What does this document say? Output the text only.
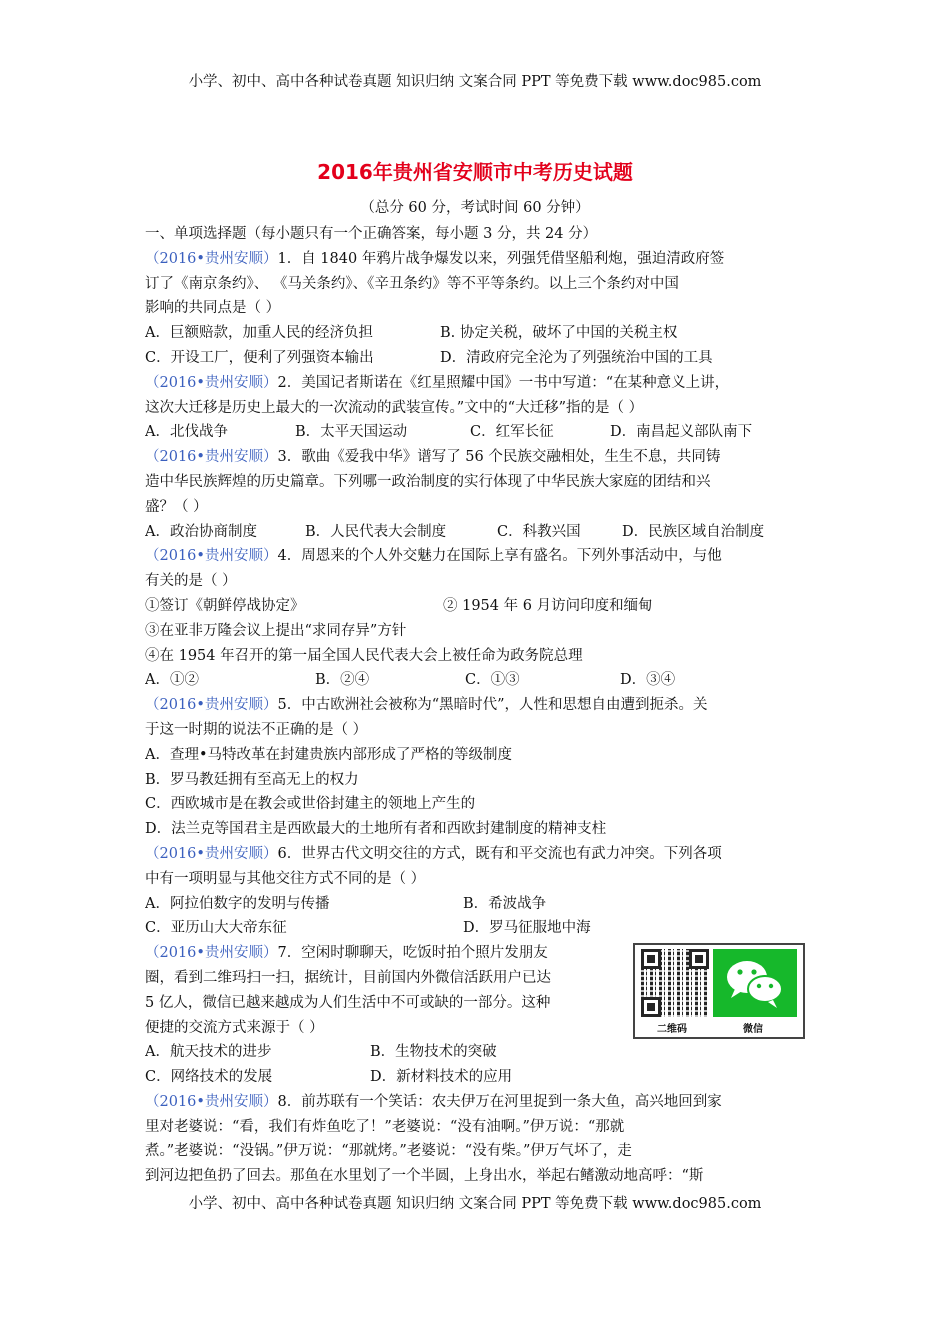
小学、初中、高中各种试卷真题 知识归纳 文案合同 PPT 等免费下载 www.doc985.com
2016年贵州省安顺市中考历史试题
（总分 60 分，考试时间 60 分钟）
一、单项选择题（每小题只有一个正确答案，每小题 3 分，共 24 分）
（2016•贵州安顺）1．自 1840 年鸦片战争爆发以来，列强凭借坚船利炮，强迫清政府签
订了《南京条约》、 《马关条约》、《辛丑条约》等不平等条约。以上三个条约对中国
影响的共同点是（ ）
A．巨额赔款，加重人民的经济负担	B. 协定关税，破坏了中国的关税主权
C．开设工厂，便利了列强资本输出	D．清政府完全沦为了列强统治中国的工具
（2016•贵州安顺）2．美国记者斯诺在《红星照耀中国》一书中写道：“在某种意义上讲，
这次大迁移是历史上最大的一次流动的武装宣传。”文中的“大迁移”指的是（ ）
A．北伐战争	B．太平天国运动	C．红军长征	D．南昌起义部队南下
（2016•贵州安顺）3．歌曲《爱我中华》谱写了 56 个民族交融相处，生生不息，共同铸
造中华民族辉煌的历史篇章。下列哪一政治制度的实行体现了中华民族大家庭的团结和兴
盛？（ ）
A．政治协商制度	B．人民代表大会制度	C．科教兴国	D．民族区域自治制度
（2016•贵州安顺）4．周恩来的个人外交魅力在国际上享有盛名。下列外事活动中，与他
有关的是（ ）
①签订《朝鲜停战协定》	② 1954 年 6 月访问印度和缅甸
③在亚非万隆会议上提出“求同存异”方针
④在 1954 年召开的第一届全国人民代表大会上被任命为政务院总理
A．①②	B．②④	C．①③	D．③④
（2016•贵州安顺）5．中古欧洲社会被称为“黑暗时代”，人性和思想自由遭到扼杀。关
于这一时期的说法不正确的是（ ）
A．查理•马特改革在封建贵族内部形成了严格的等级制度
B．罗马教廷拥有至高无上的权力
C．西欧城市是在教会或世俗封建主的领地上产生的
D．法兰克等国君主是西欧最大的土地所有者和西欧封建制度的精神支柱
（2016•贵州安顺）6．世界古代文明交往的方式，既有和平交流也有武力冲突。下列各项
中有一项明显与其他交往方式不同的是（ ）
A．阿拉伯数字的发明与传播	B．希波战争
C．亚历山大大帝东征	D．罗马征服地中海
（2016•贵州安顺）7．空闲时聊聊天，吃饭时拍个照片发朋友
圈，看到二维玛扫一扫，据统计，目前国内外微信活跃用户已达
5 亿人，微信已越来越成为人们生活中不可或缺的一部分。这种
便捷的交流方式来源于（ ）	二维码	微信
A．航天技术的进步	B．生物技术的突破
C．网络技术的发展	D．新材料技术的应用
（2016•贵州安顺）8．前苏联有一个笑话：农夫伊万在河里捉到一条大鱼，高兴地回到家
里对老婆说：“看，我们有炸鱼吃了！”老婆说：“没有油啊。”伊万说：“那就
煮。”老婆说：“没锅。”伊万说：“那就烤。”老婆说：“没有柴。”伊万气坏了，走
到河边把鱼扔了回去。那鱼在水里划了一个半圆，上身出水，举起右鳍激动地高呼：“斯
小学、初中、高中各种试卷真题 知识归纳 文案合同 PPT 等免费下载 www.doc985.com
